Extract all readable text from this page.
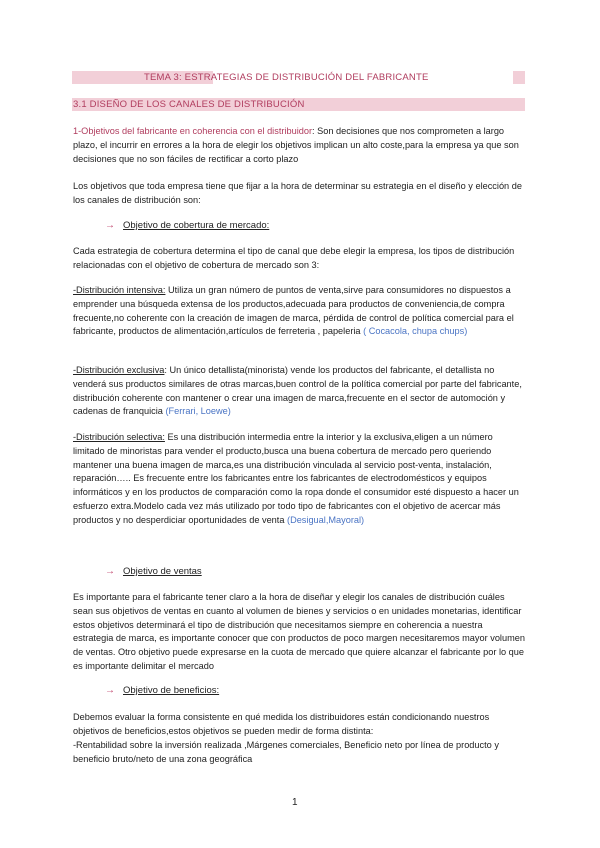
TEMA 3: ESTRATEGIAS DE DISTRIBUCIÓN DEL FABRICANTE
3.1 DISEÑO DE LOS CANALES DE DISTRIBUCIÓN
1-Objetivos del fabricante en coherencia con el distribuidor: Son decisiones que nos comprometen a largo plazo, el incurrir en errores a la hora de elegir los objetivos implican un alto coste,para la empresa ya que son decisiones que no son fáciles de rectificar a corto plazo
Los objetivos que toda empresa tiene que fijar a la hora de determinar su estrategia en el diseño y elección de los canales de distribución son:
→ Objetivo de cobertura de mercado:
Cada estrategia de cobertura determina el tipo de canal que debe elegir la empresa, los tipos de distribución relacionadas con el objetivo de cobertura de mercado son 3:
-Distribución intensiva: Utiliza un gran número de puntos de venta,sirve para consumidores no dispuestos a emprender una búsqueda extensa de los productos,adecuada para productos de conveniencia,de compra frecuente,no coherente con la creación de imagen de marca, pérdida de control de política comercial para el fabricante, productos de alimentación,artículos de ferreteria , papeleria ( Cocacola, chupa chups)
-Distribución exclusiva: Un único detallista(minorista) vende los productos del fabricante, el detallista no venderá sus productos similares de otras marcas,buen control de la política comercial por parte del fabricante, distribución coherente con mantener o crear una imagen de marca,frecuente en el sector de automoción y cadenas de franquicia (Ferrari, Loewe)
-Distribución selectiva: Es una distribución intermedia entre la interior y la exclusiva,eligen a un número limitado de minoristas para vender el producto,busca una buena cobertura de mercado pero queriendo mantener una buena imagen de marca,es una distribución vinculada al servicio post-venta, instalación, reparación….. Es frecuente entre los fabricantes entre los fabricantes de electrodomésticos y equipos informáticos y en los productos de comparación como la ropa donde el consumidor esté dispuesto a hacer un esfuerzo extra.Modelo cada vez más utilizado por todo tipo de fabricantes con el objetivo de acercar más productos y no desperdiciar oportunidades de venta (Desigual,Mayoral)
→ Objetivo de ventas
Es importante para el fabricante tener claro a la hora de diseñar y elegir los canales de distribución cuáles sean sus objetivos de ventas en cuanto al volumen de bienes y servicios o en unidades monetarias, identificar estos objetivos determinará el tipo de distribución que necesitamos siempre en coherencia a nuestra estrategia de marca, es importante conocer que con productos de poco margen necesitaremos mayor volumen de ventas. Otro objetivo puede expresarse en la cuota de mercado que quiere alcanzar el fabricante por lo que es importante delimitar el mercado
→ Objetivo de beneficios:
Debemos evaluar la forma consistente en qué medida los distribuidores están condicionando nuestros objetivos de beneficios,estos objetivos se pueden medir de forma distinta:
-Rentabilidad sobre la inversión realizada ,Márgenes comerciales, Beneficio neto por línea de producto y beneficio bruto/neto de una zona geográfica
1
